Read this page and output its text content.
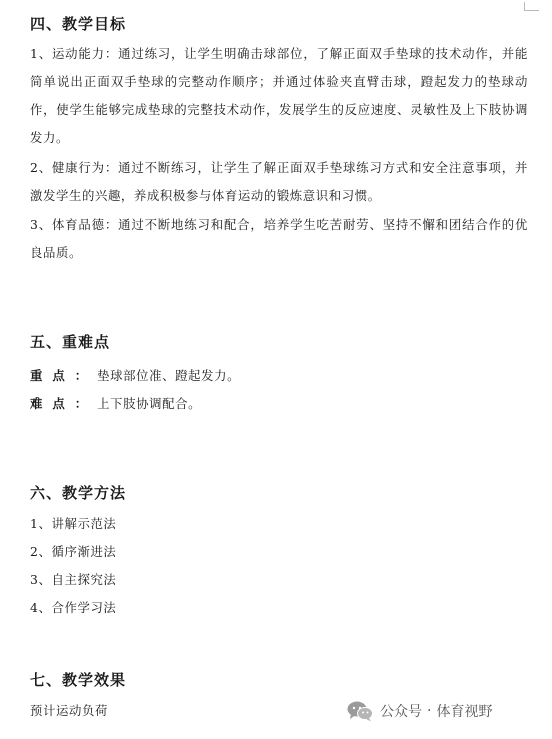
四、教学目标

1、运动能力：通过练习，让学生明确击球部位，了解正面双手垫球的技术动作，并能简单说出正面双手垫球的完整动作顺序；并通过体验夹直臂击球，蹬起发力的垫球动作，使学生能够完成垫球的完整技术动作，发展学生的反应速度、灵敏性及上下肢协调发力。

2、健康行为：通过不断练习，让学生了解正面双手垫球练习方式和安全注意事项，并激发学生的兴趣，养成积极参与体育运动的锻炼意识和习惯。

3、体育品德：通过不断地练习和配合，培养学生吃苦耐劳、坚持不懈和团结合作的优良品质。

五、重难点
重点：垫球部位准、蹬起发力。
难点：上下肢协调配合。
六、教学方法
1、讲解示范法
2、循序渐进法
3、自主探究法
4、合作学习法
七、教学效果
预计运动负荷	公众号 · 体育视野
